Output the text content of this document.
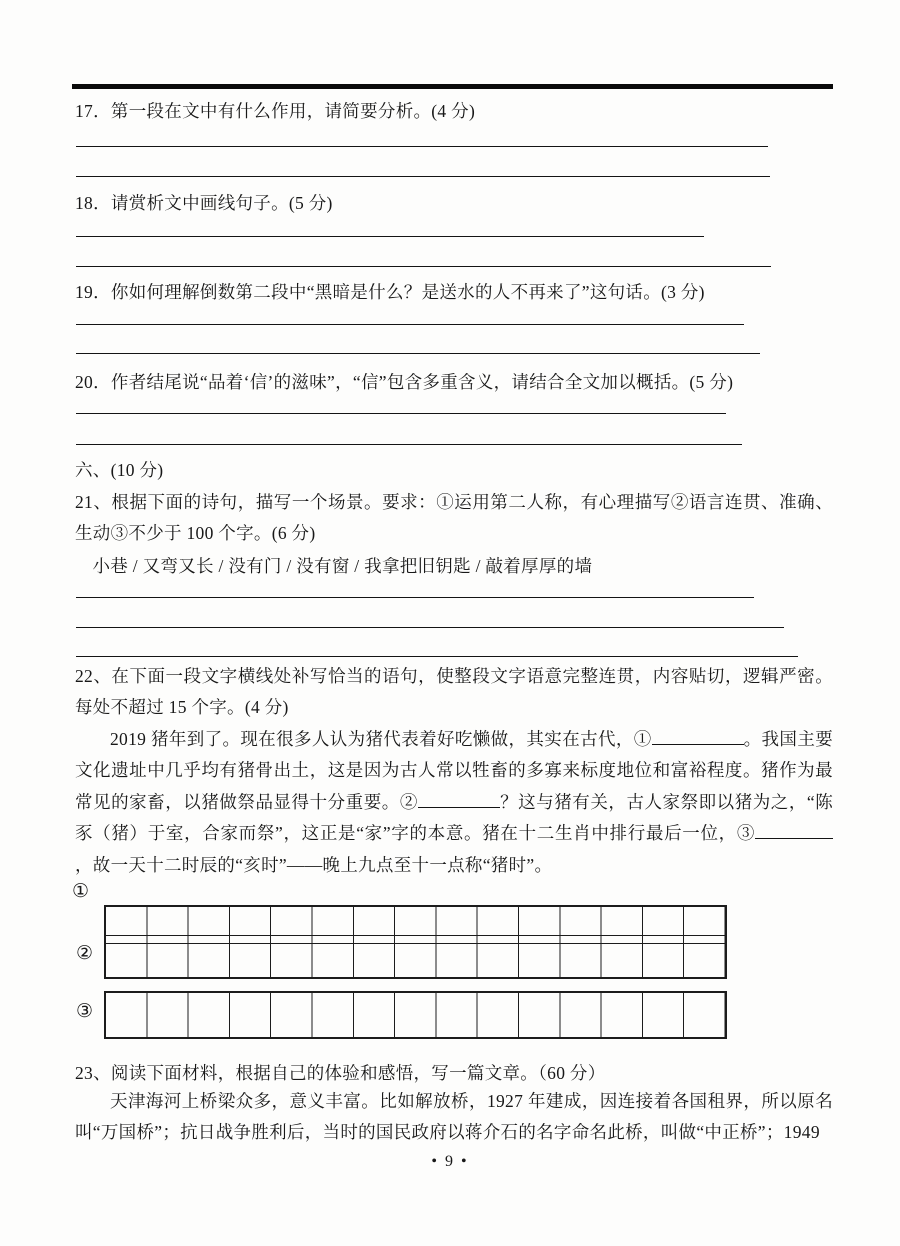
17．第一段在文中有什么作用，请简要分析。(4 分)
18．请赏析文中画线句子。(5 分)
19．你如何理解倒数第二段中“黑暗是什么？是送水的人不再来了”这句话。(3 分)
20．作者结尾说“品着‘信’的滋味”，“信”包含多重含义，请结合全文加以概括。(5 分)
六、(10 分)
21、根据下面的诗句，描写一个场景。要求：①运用第二人称，有心理描写②语言连贯、准确、生动③不少于 100 个字。(6 分)
小巷 / 又弯又长 / 没有门 / 没有窗 / 我拿把旧钥匙 / 敲着厚厚的墙
22、在下面一段文字横线处补写恰当的语句，使整段文字语意完整连贯，内容贴切，逻辑严密。每处不超过 15 个字。(4 分)
2019 猪年到了。现在很多人认为猪代表着好吃懒做，其实在古代，①	。我国主要文化遗址中几乎均有猪骨出土，这是因为古人常以牲畜的多寡来标度地位和富裕程度。猪作为最常见的家畜，以猪做祭品显得十分重要。②	？这与猪有关，古人家祭即以猪为之，“陈豕（猪）于室，合家而祭”，这正是“家”字的本意。猪在十二生肖中排行最后一位，③，故一天十二时辰的“亥时”——晚上九点至十一点称“猪时”。
①
②
③
23、阅读下面材料，根据自己的体验和感悟，写一篇文章。（60 分）
天津海河上桥梁众多，意义丰富。比如解放桥，1927 年建成，因连接着各国租界，所以原名叫“万国桥”；抗日战争胜利后，当时的国民政府以蒋介石的名字命名此桥，叫做“中正桥”；1949
• 9 •
